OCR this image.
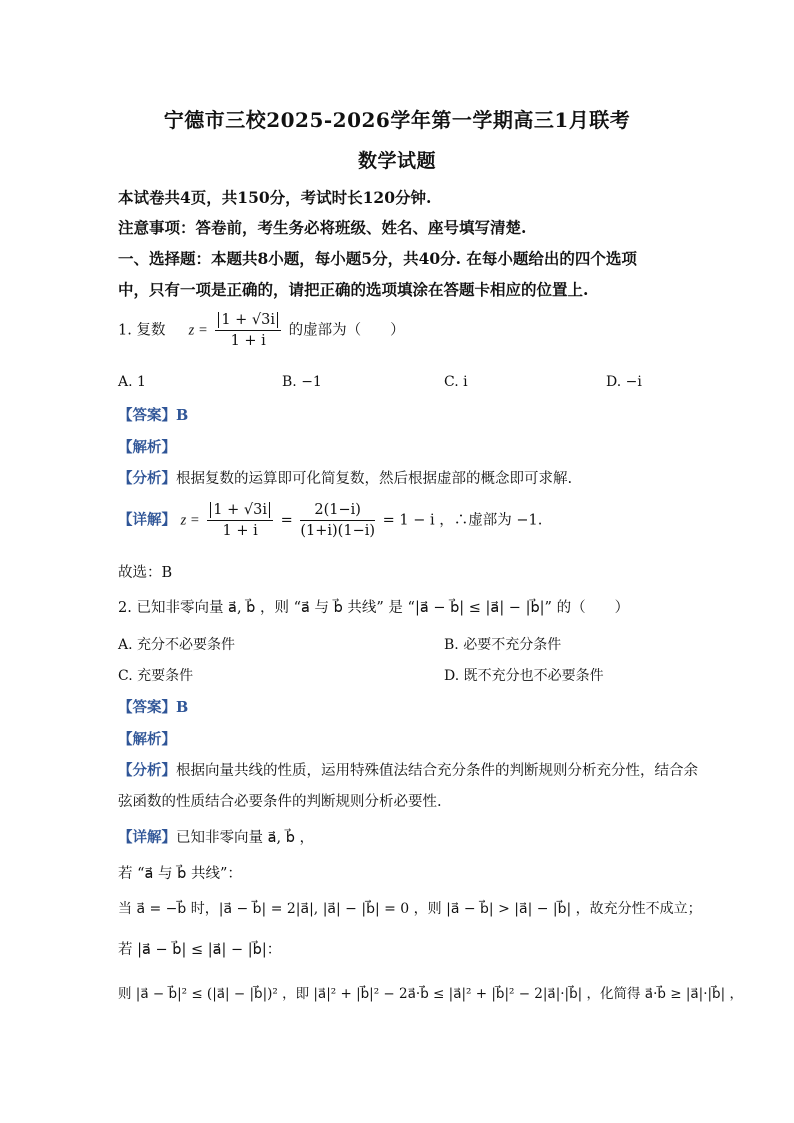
宁德市三校2025-2026学年第一学期高三1月联考
数学试题
本试卷共4页，共150分，考试时长120分钟.
注意事项：答卷前，考生务必将班级、姓名、座号填写清楚.
一、选择题：本题共8小题，每小题5分，共40分. 在每小题给出的四个选项
中，只有一项是正确的，请把正确的选项填涂在答题卡相应的位置上.
1. 复数 $z = \frac{1 + √3i}{1 + i}$ 的虚部为（　　）
A. 1	B. −1	C. i	D. −i
【答案】B
【解析】
【分析】根据复数的运算即可化简复数，然后根据虚部的概念即可求解.
【详解】 $z = \frac{1 + √3i}{1 + i} = \frac{2(1-i)}{(1+i)(1-i)} = 1 - i$ ，∴虚部为 −1.
故选：B
2. 已知非零向量 a⃗, b⃗ ，则 “a⃗ 与 b⃗ 共线” 是 “|a⃗ − b⃗| ≤ |a⃗| − |b⃗|” 的（　　）
A. 充分不必要条件	B. 必要不充分条件
C. 充要条件	D. 既不充分也不必要条件
【答案】B
【解析】
【分析】根据向量共线的性质，运用特殊值法结合充分条件的判断规则分析充分性，结合余
弦函数的性质结合必要条件的判断规则分析必要性.
【详解】已知非零向量 a⃗, b⃗ ，
若 “a⃗ 与 b⃗ 共线”：
当 a⃗ = −b⃗ 时，|a⃗ − b⃗| = 2|a⃗|, |a⃗| − |b⃗| = 0 ，则 |a⃗ − b⃗| > |a⃗| − |b⃗| ，故充分性不成立；
若 |a⃗ − b⃗| ≤ |a⃗| − |b⃗|：
则 |a⃗ − b⃗|² ≤ (|a⃗| − |b⃗|)² ，即 |a⃗|² + |b⃗|² − 2a⃗·b⃗ ≤ |a⃗|² + |b⃗|² − 2|a⃗|·|b⃗| ，化简得 a⃗·b⃗ ≥ |a⃗|·|b⃗| ，
